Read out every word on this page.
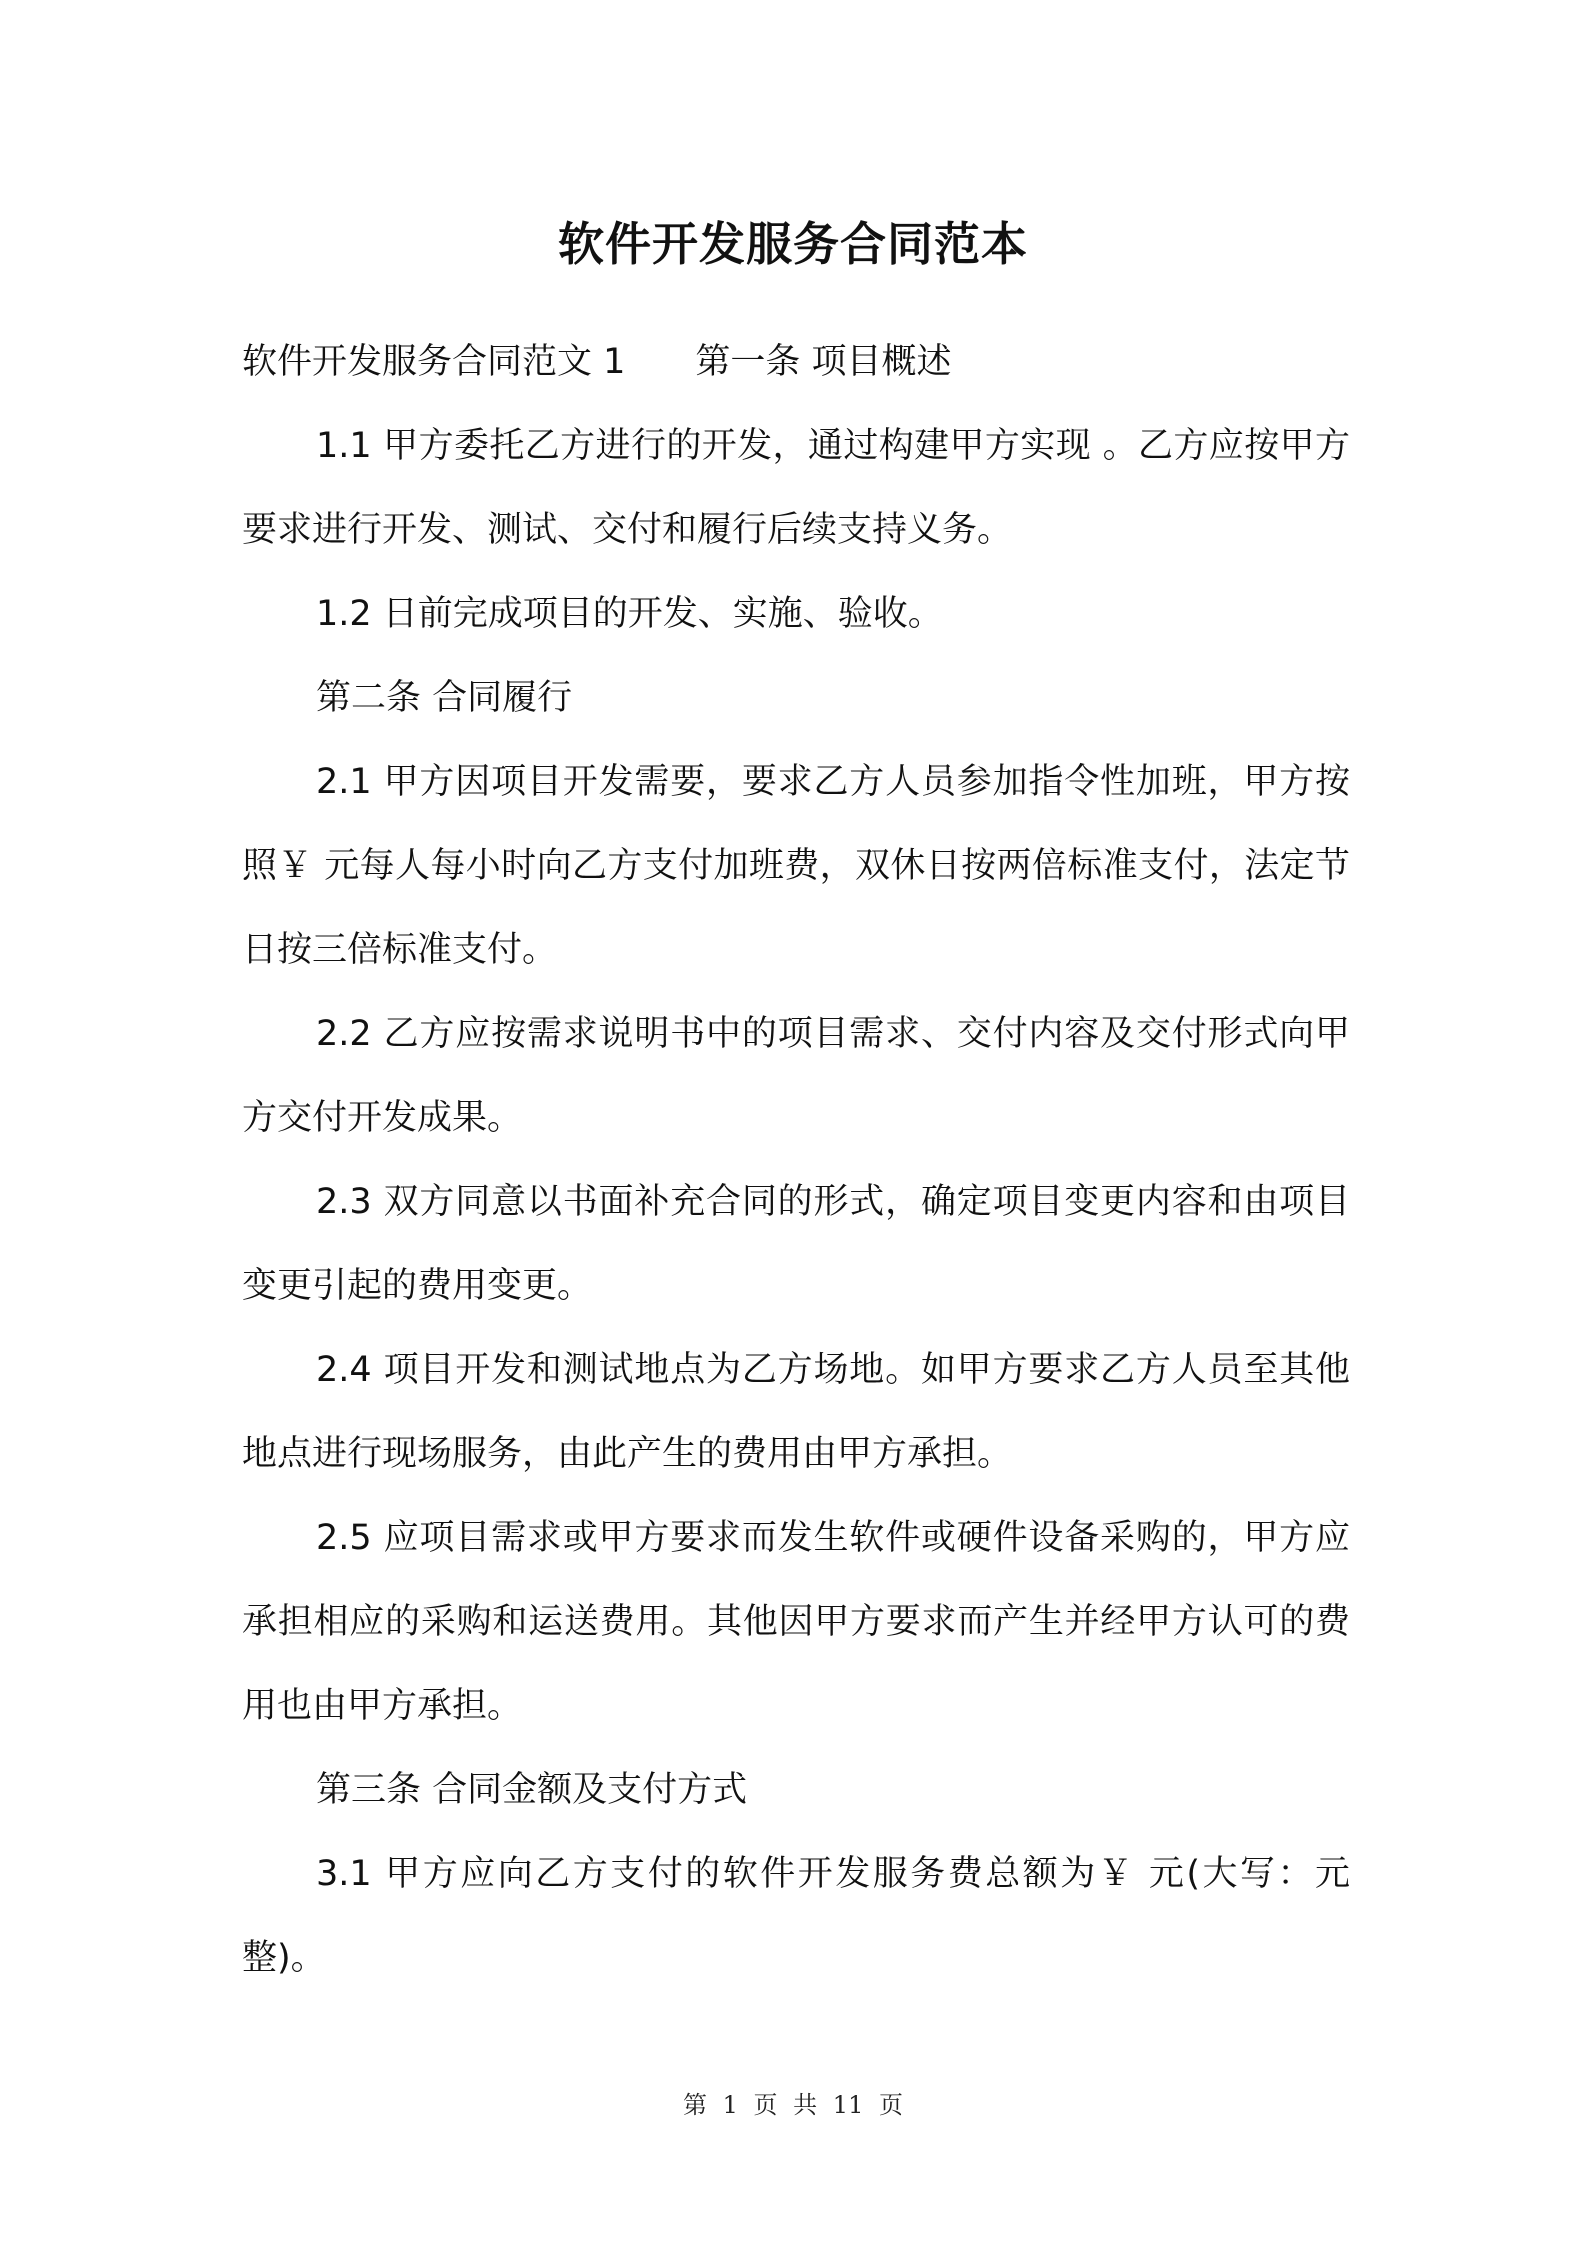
软件开发服务合同范本

软件开发服务合同范文 1 第一条 项目概述

1.1 甲方委托乙方进行的开发，通过构建甲方实现 。乙方应按甲方要求进行开发、测试、交付和履行后续支持义务。

1.2 日前完成项目的开发、实施、验收。

第二条 合同履行

2.1 甲方因项目开发需要，要求乙方人员参加指令性加班，甲方按照￥ 元每人每小时向乙方支付加班费，双休日按两倍标准支付，法定节日按三倍标准支付。

2.2 乙方应按需求说明书中的项目需求、交付内容及交付形式向甲方交付开发成果。

2.3 双方同意以书面补充合同的形式，确定项目变更内容和由项目变更引起的费用变更。

2.4 项目开发和测试地点为乙方场地。如甲方要求乙方人员至其他地点进行现场服务，由此产生的费用由甲方承担。

2.5 应项目需求或甲方要求而发生软件或硬件设备采购的，甲方应承担相应的采购和运送费用。其他因甲方要求而产生并经甲方认可的费用也由甲方承担。

第三条 合同金额及支付方式

3.1 甲方应向乙方支付的软件开发服务费总额为￥ 元(大写：元整)。

第 1 页 共 11 页
